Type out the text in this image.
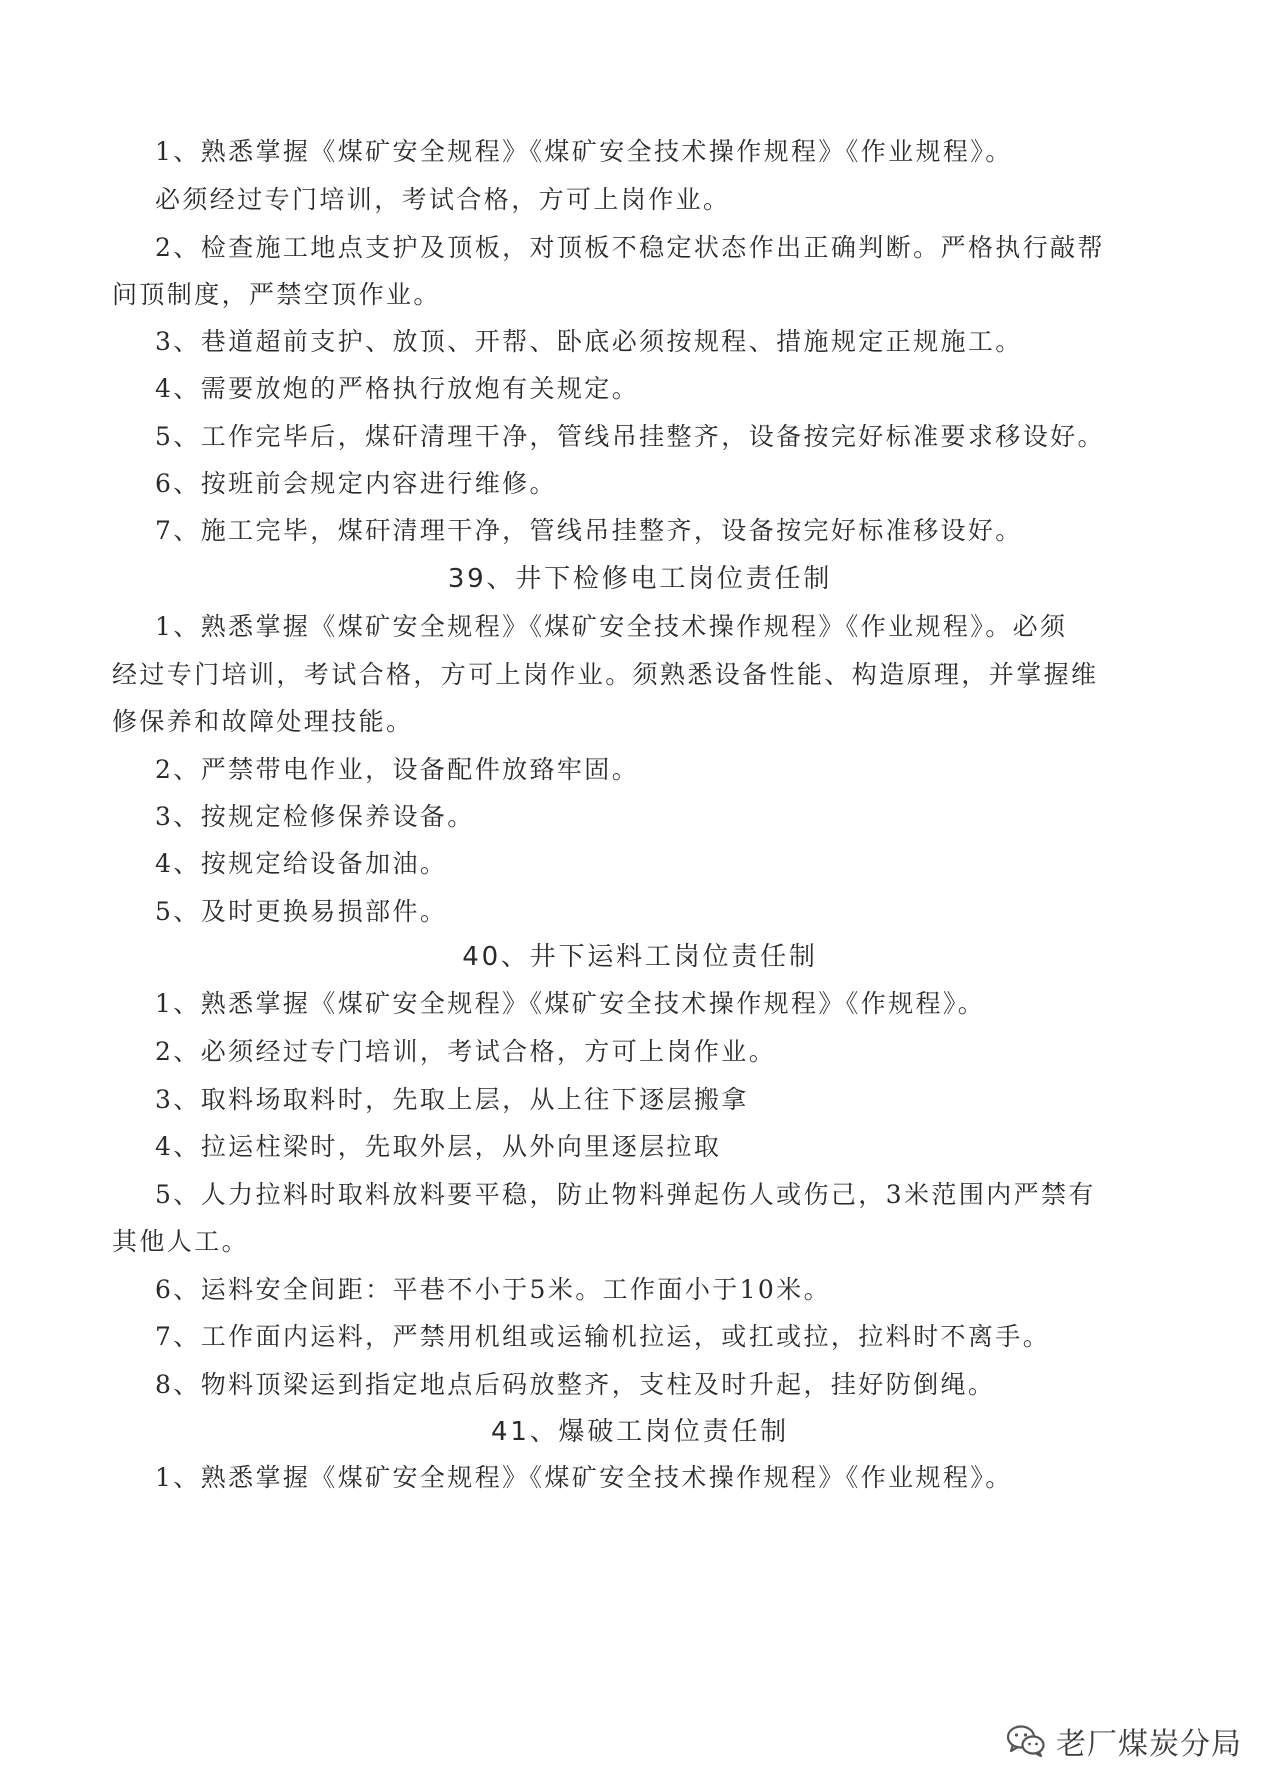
1、熟悉掌握《煤矿安全规程》《煤矿安全技术操作规程》《作业规程》。
必须经过专门培训，考试合格，方可上岗作业。
2、检查施工地点支护及顶板，对顶板不稳定状态作出正确判断。严格执行敲帮
问顶制度，严禁空顶作业。
3、巷道超前支护、放顶、开帮、卧底必须按规程、措施规定正规施工。
4、需要放炮的严格执行放炮有关规定。
5、工作完毕后，煤矸清理干净，管线吊挂整齐，设备按完好标准要求移设好。
6、按班前会规定内容进行维修。
7、施工完毕，煤矸清理干净，管线吊挂整齐，设备按完好标准移设好。
39、井下检修电工岗位责任制
1、熟悉掌握《煤矿安全规程》《煤矿安全技术操作规程》《作业规程》。必须
经过专门培训，考试合格，方可上岗作业。须熟悉设备性能、构造原理，并掌握维
修保养和故障处理技能。
2、严禁带电作业，设备配件放臵牢固。
3、按规定检修保养设备。
4、按规定给设备加油。
5、及时更换易损部件。
40、井下运料工岗位责任制
1、熟悉掌握《煤矿安全规程》《煤矿安全技术操作规程》《作规程》。
2、必须经过专门培训，考试合格，方可上岗作业。
3、取料场取料时，先取上层，从上往下逐层搬拿
4、拉运柱梁时，先取外层，从外向里逐层拉取
5、人力拉料时取料放料要平稳，防止物料弹起伤人或伤己，3米范围内严禁有
其他人工。
6、运料安全间距：平巷不小于5米。工作面小于10米。
7、工作面内运料，严禁用机组或运输机拉运，或扛或拉，拉料时不离手。
8、物料顶梁运到指定地点后码放整齐，支柱及时升起，挂好防倒绳。
41、爆破工岗位责任制
1、熟悉掌握《煤矿安全规程》《煤矿安全技术操作规程》《作业规程》。
老厂煤炭分局
